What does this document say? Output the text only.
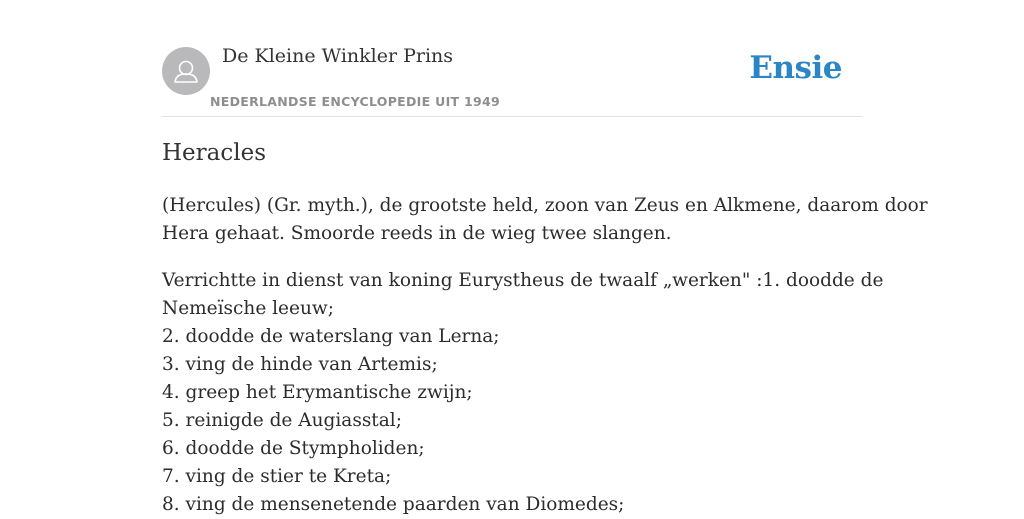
De Kleine Winkler Prins
NEDERLANDSE ENCYCLOPEDIE UIT 1949
Ensie
Heracles

(Hercules) (Gr. myth.), de grootste held, zoon van Zeus en Alkmene, daarom door
Hera gehaat. Smoorde reeds in de wieg twee slangen.

Verrichtte in dienst van koning Eurystheus de twaalf „werken" :1. doodde de
Nemeïsche leeuw;
2. doodde de waterslang van Lerna;
3. ving de hinde van Artemis;
4. greep het Erymantische zwijn;
5. reinigde de Augiasstal;
6. doodde de Stympholiden;
7. ving de stier te Kreta;
8. ving de mensenetende paarden van Diomedes;
